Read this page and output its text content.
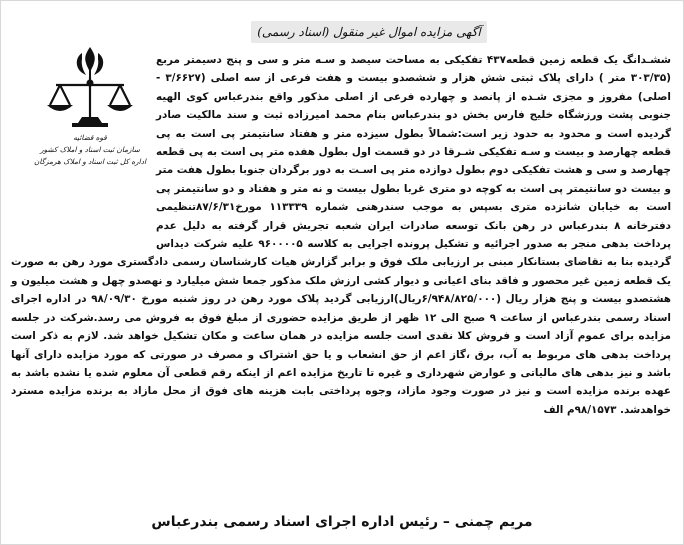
آگهی مزایده اموال غیر منقول (اسناد رسمی)
قوه قضائیه
سازمان ثبت اسناد و املاک کشور
اداره کل ثبت اسناد و املاک هرمزگان

ششـدانگ یک قطعه زمین قطعه۴۳۷ تفکیکی به مساحت سیصد و سـه متر و سی و پنج دسیمتر مربع (۳۰۳/۳۵ متر ) دارای پلاک ثبتی شش هزار و ششصدو بیست و هفت فرعی از سه اصلی (۳/۶۶۲۷ - اصلی) مفروز و مجزی شـده از پانصد و چهارده فرعی از اصلی مذکور واقع بندرعباس کوی الهیه جنوبی پشت ورزشگاه خلیج فارس بخش دو بندرعباس بنام محمد امیرزاده ثبت و سند مالکیت صادر گردیده است و محدود به حدود زیر است:شمالاً بطول سیزده متر و هفتاد سانتیمتر پی است به پی قطعه چهارصد و بیست و سـه تفکیکی شـرقا در دو قسمت اول بطول هفده متر پی است به پی قطعه چهارصد و سی و هشت تفکیکی دوم بطول دوازده متر پی اسـت به دور برگردان جنوبا بطول هفت متر و بیست دو سانتیمتر پی است به کوچه دو متری غربا بطول بیست و نه متر و هفتاد و دو سانتیمتر پی است به خیابان شانزده متری بسپس به موجب سندرهنی شماره ۱۱۳۳۳۹ مورخ۸۷/۶/۳۱تنظیمی دفترخانه ۸ بندرعباس در رهن بانک توسعه صادرات ایران شعبه تجریش قرار گرفته به دلیل عدم پرداخت بدهی منجر به صدور اجرائیه و تشکیل پرونده اجرایی به کلاسه ۹۶۰۰۰۰۵ علیه شرکت دیداس گردیده بنا به تقاضای بستانکار مبنی بر ارزیابی ملک فوق و برابر گزارش هیات کارشناسان رسمی دادگستری مورد رهن به صورت یک قطعه زمین غیر محصور و فاقد بنای اعیانی و دیوار کشی ارزش ملک مذکور جمعا شش میلیارد و نهصدو چهل و هشت میلیون و هشتصدو بیست و پنج هزار ریال (۶/۹۴۸/۸۲۵/۰۰۰ریال)ارزیابی گردید پلاک مورد رهن در روز شنبه مورخ ۹۸/۰۹/۳۰ در اداره اجرای اسناد رسمی بندرعباس از ساعت ۹ صبح الی ۱۲ ظهر از طریق مزایده حضوری از مبلغ فوق به فروش می رسد.شرکت در جلسه مزایده برای عموم آزاد است و فروش کلا نقدی است جلسه مزایده در همان ساعت و مکان تشکیل خواهد شد. لازم به ذکر است پرداخت بدهی های مربوط به آب، برق ،گاز اعم از حق انشعاب و یا حق اشتراک و مصرف در صورتی که مورد مزایده دارای آنها باشد و نیز بدهی های مالیاتی و عوارض شهرداری و غیره تا تاریخ مزایده اعم از اینکه رقم قطعی آن معلوم شده یا نشده باشد به عهده برنده مزایده است و نیز در صورت وجود مازاد، وجوه پرداختی بابت هزینه های فوق از محل مازاد به برنده مزایده مسترد خواهدشد. ۹۸/۱۵۷۳م الف

مریم چمنی – رئیس اداره اجرای اسناد رسمی بندرعباس
